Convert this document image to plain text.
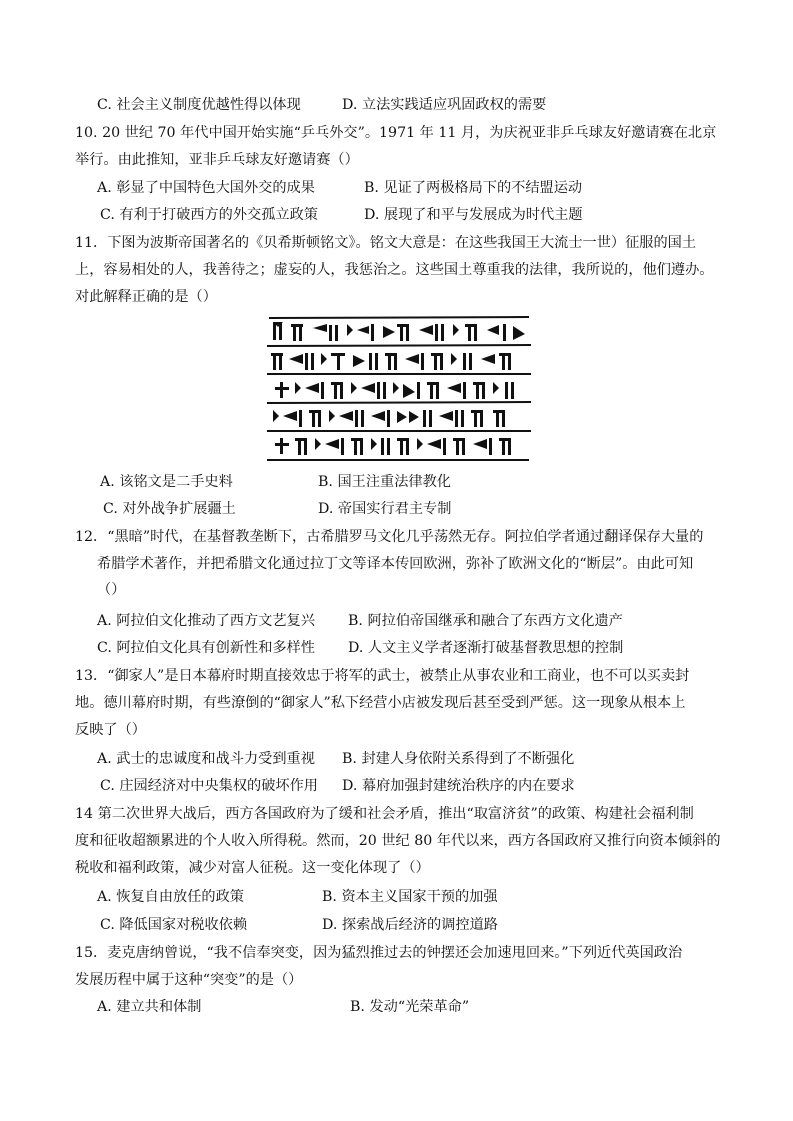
C. 社会主义制度优越性得以体现	D. 立法实践适应巩固政权的需要
10. 20 世纪 70 年代中国开始实施“乒乓外交”。1971 年 11 月，为庆祝亚非乒乓球友好邀请赛在北京
举行。由此推知，亚非乒乓球友好邀请赛（）
A. 彰显了中国特色大国外交的成果	B. 见证了两极格局下的不结盟运动
C. 有利于打破西方的外交孤立政策	D. 展现了和平与发展成为时代主题
11．下图为波斯帝国著名的《贝希斯顿铭文》。铭文大意是：在这些我国王大流士一世）征服的国土
上，容易相处的人，我善待之；虚妄的人，我惩治之。这些国土尊重我的法律，我所说的，他们遵办。
对此解释正确的是（）
A. 该铭文是二手史料	B. 国王注重法律教化
C. 对外战争扩展疆土	D. 帝国实行君主专制
12．“黑暗”时代，在基督教垄断下，古希腊罗马文化几乎荡然无存。阿拉伯学者通过翻译保存大量的
希腊学术著作，并把希腊文化通过拉丁文等译本传回欧洲，弥补了欧洲文化的“断层”。由此可知
（）
A. 阿拉伯文化推动了西方文艺复兴 B. 阿拉伯帝国继承和融合了东西方文化遗产
C. 阿拉伯文化具有创新性和多样性 D. 人文主义学者逐渐打破基督教思想的控制
13．“御家人”是日本幕府时期直接效忠于将军的武士，被禁止从事农业和工商业，也不可以买卖封
地。德川幕府时期，有些潦倒的“御家人”私下经营小店被发现后甚至受到严惩。这一现象从根本上
反映了（）
A. 武士的忠诚度和战斗力受到重视 B. 封建人身依附关系得到了不断强化
C. 庄园经济对中央集权的破坏作用 D. 幕府加强封建统治秩序的内在要求
14 第二次世界大战后，西方各国政府为了缓和社会矛盾，推出“取富济贫”的政策、构建社会福利制
度和征收超额累进的个人收入所得税。然而，20 世纪 80 年代以来，西方各国政府又推行向资本倾斜的
税收和福利政策，减少对富人征税。这一变化体现了（）
A. 恢复自由放任的政策	B. 资本主义国家干预的加强
C. 降低国家对税收依赖	D. 探索战后经济的调控道路
15．麦克唐纳曾说，“我不信奉突变，因为猛烈推过去的钟摆还会加速甩回来。”下列近代英国政治
发展历程中属于这种“突变”的是（）
A. 建立共和体制	B. 发动“光荣革命”
